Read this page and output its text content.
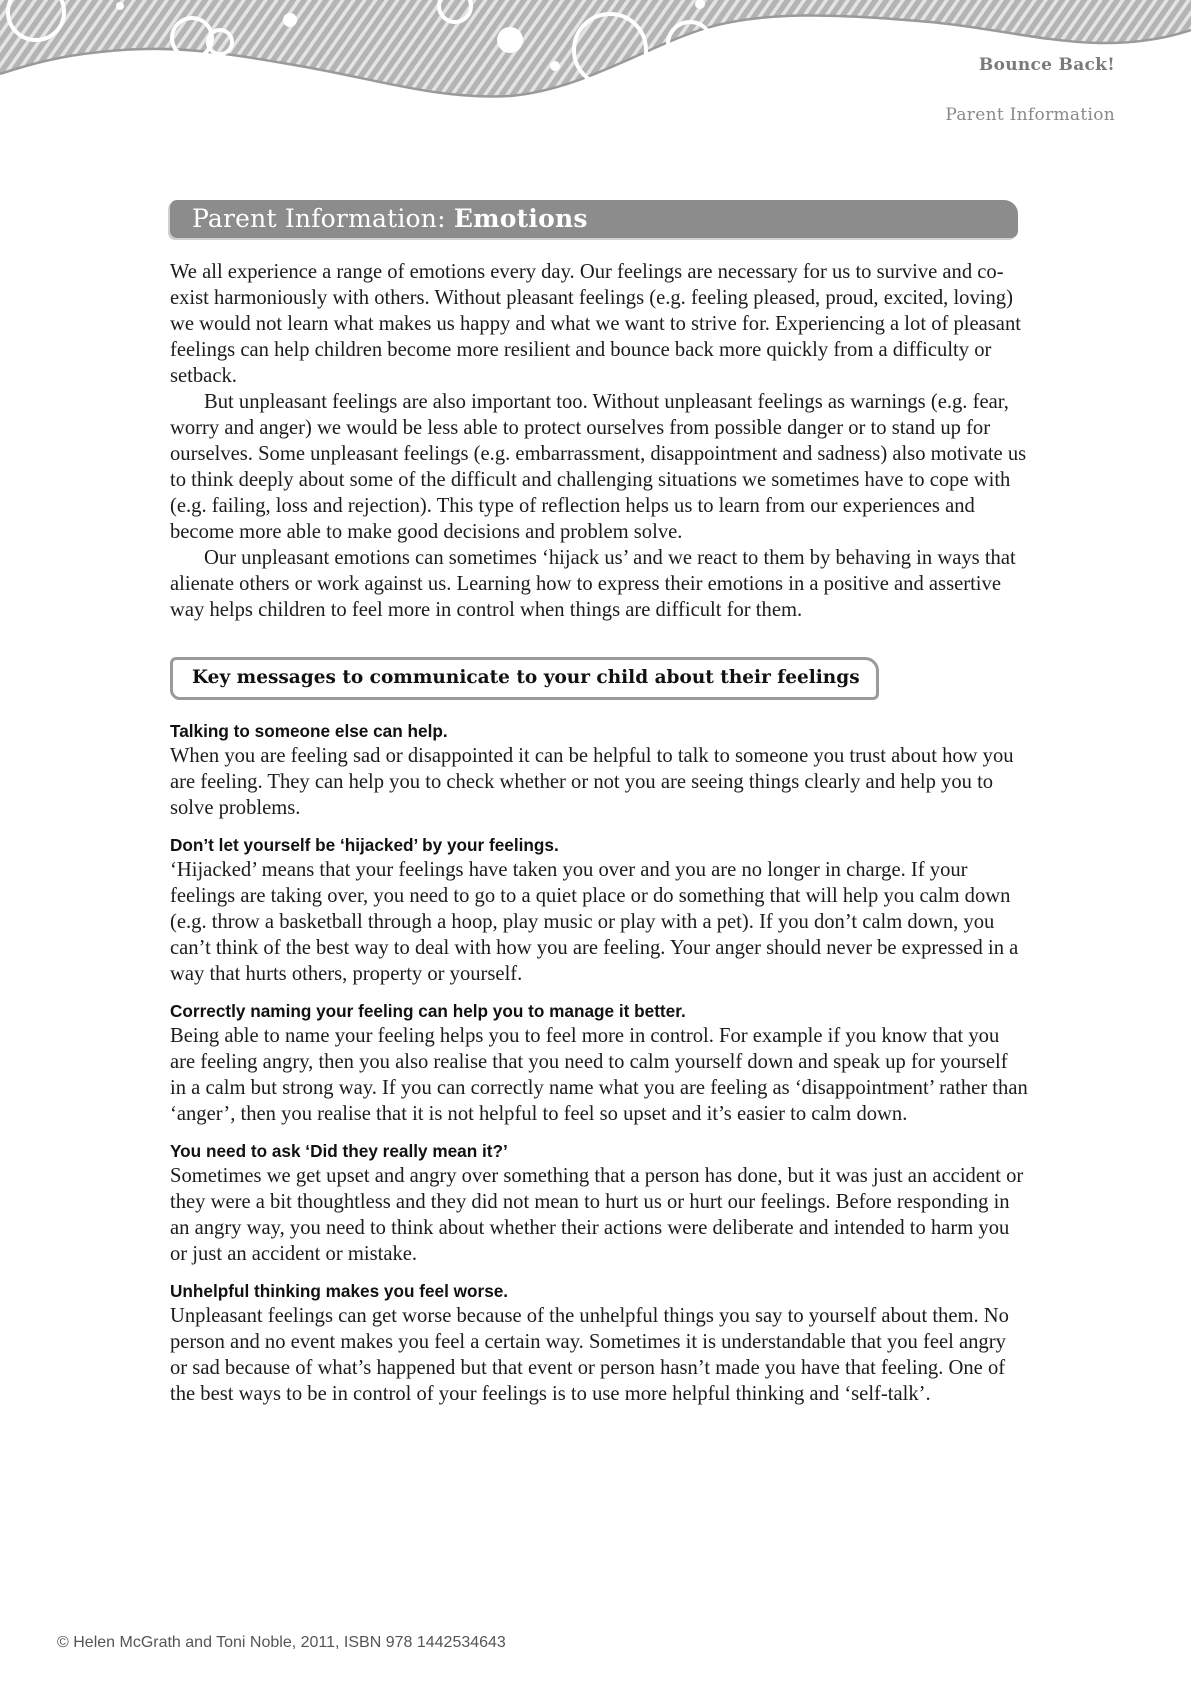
Bounce Back!

Parent Information

Parent Information: Emotions

We all experience a range of emotions every day. Our feelings are necessary for us to survive and co-exist harmoniously with others. Without pleasant feelings (e.g. feeling pleased, proud, excited, loving) we would not learn what makes us happy and what we want to strive for. Experiencing a lot of pleasant feelings can help children become more resilient and bounce back more quickly from a difficulty or setback.

But unpleasant feelings are also important too. Without unpleasant feelings as warnings (e.g. fear, worry and anger) we would be less able to protect ourselves from possible danger or to stand up for ourselves. Some unpleasant feelings (e.g. embarrassment, disappointment and sadness) also motivate us to think deeply about some of the difficult and challenging situations we sometimes have to cope with (e.g. failing, loss and rejection). This type of reflection helps us to learn from our experiences and become more able to make good decisions and problem solve.

Our unpleasant emotions can sometimes ‘hijack us’ and we react to them by behaving in ways that alienate others or work against us. Learning how to express their emotions in a positive and assertive way helps children to feel more in control when things are difficult for them.

Key messages to communicate to your child about their feelings
Talking to someone else can help.

When you are feeling sad or disappointed it can be helpful to talk to someone you trust about how you are feeling. They can help you to check whether or not you are seeing things clearly and help you to solve problems.

Don’t let yourself be ‘hijacked’ by your feelings.

‘Hijacked’ means that your feelings have taken you over and you are no longer in charge. If your feelings are taking over, you need to go to a quiet place or do something that will help you calm down (e.g. throw a basketball through a hoop, play music or play with a pet). If you don’t calm down, you can’t think of the best way to deal with how you are feeling. Your anger should never be expressed in a way that hurts others, property or yourself.

Correctly naming your feeling can help you to manage it better.

Being able to name your feeling helps you to feel more in control. For example if you know that you are feeling angry, then you also realise that you need to calm yourself down and speak up for yourself in a calm but strong way. If you can correctly name what you are feeling as ‘disappointment’ rather than ‘anger’, then you realise that it is not helpful to feel so upset and it’s easier to calm down.

You need to ask ‘Did they really mean it?’

Sometimes we get upset and angry over something that a person has done, but it was just an accident or they were a bit thoughtless and they did not mean to hurt us or hurt our feelings. Before responding in an angry way, you need to think about whether their actions were deliberate and intended to harm you or just an accident or mistake.

Unhelpful thinking makes you feel worse.

Unpleasant feelings can get worse because of the unhelpful things you say to yourself about them. No person and no event makes you feel a certain way. Sometimes it is understandable that you feel angry or sad because of what’s happened but that event or person hasn’t made you have that feeling. One of the best ways to be in control of your feelings is to use more helpful thinking and ‘self-talk’.

© Helen McGrath and Toni Noble, 2011, ISBN 978 1442534643
